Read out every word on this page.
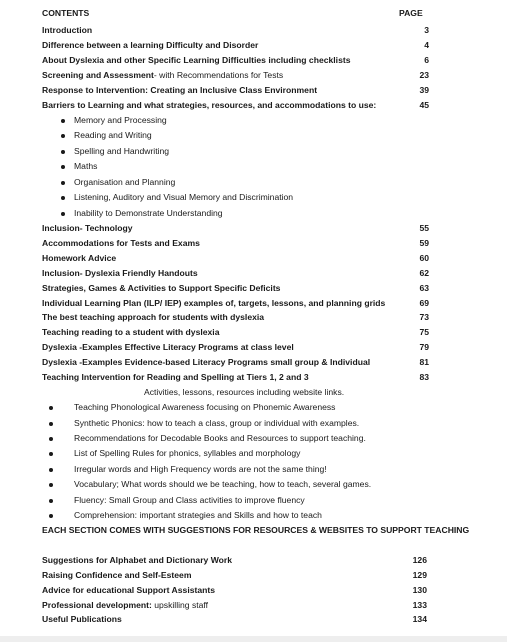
CONTENTS	PAGE
Introduction	3
Difference between a learning Difficulty and Disorder	4
About Dyslexia and other Specific Learning Difficulties including checklists	6
Screening and Assessment- with Recommendations for Tests	23
Response to Intervention: Creating an Inclusive Class Environment	39
Barriers to Learning and what strategies, resources, and accommodations to use:	45
Memory and Processing
Reading and Writing
Spelling and Handwriting
Maths
Organisation and Planning
Listening, Auditory and Visual Memory and Discrimination
Inability to Demonstrate Understanding
Inclusion- Technology	55
Accommodations for Tests and Exams	59
Homework Advice	60
Inclusion- Dyslexia Friendly Handouts	62
Strategies, Games & Activities to Support Specific Deficits	63
Individual Learning Plan (ILP/ IEP) examples of, targets, lessons, and planning grids	69
The best teaching approach for students with dyslexia	73
Teaching reading to a student with dyslexia	75
Dyslexia -Examples Effective Literacy Programs at class level	79
Dyslexia -Examples Evidence-based Literacy Programs small group & Individual	81
Teaching Intervention for Reading and Spelling at Tiers 1, 2 and 3	83
Activities, lessons, resources including website links.
Teaching Phonological Awareness focusing on Phonemic Awareness
Synthetic Phonics: how to teach a class, group or individual with examples.
Recommendations for Decodable Books and Resources to support teaching.
List of Spelling Rules for phonics, syllables and morphology
Irregular words and High Frequency words are not the same thing!
Vocabulary; What words should we be teaching, how to teach, several games.
Fluency: Small Group and Class activities to improve fluency
Comprehension: important strategies and Skills and how to teach
EACH SECTION COMES WITH SUGGESTIONS FOR RESOURCES & WEBSITES TO SUPPORT TEACHING
Suggestions for Alphabet and Dictionary Work	126
Raising Confidence and Self-Esteem	129
Advice for educational Support Assistants	130
Professional development: upskilling staff	133
Useful Publications	134
